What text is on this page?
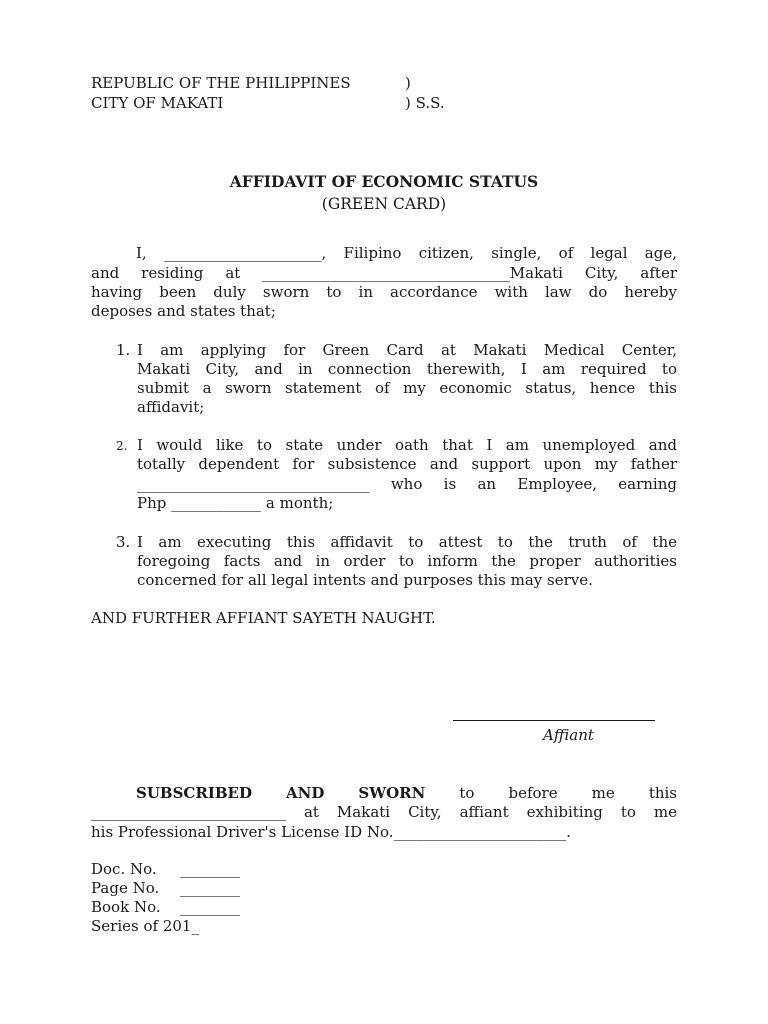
REPUBLIC OF THE PHILIPPINES	)
CITY OF MAKATI	) S.S.
AFFIDAVIT OF ECONOMIC STATUS
(GREEN CARD)
I, _____________________, Filipino citizen, single, of legal age,
and residing at _________________________________Makati City, after
having been duly sworn to in accordance with law do hereby
deposes and states that;
1. I am applying for Green Card at Makati Medical Center,
Makati City, and in connection therewith, I am required to
submit a sworn statement of my economic status, hence this
affidavit;
2. I would like to state under oath that I am unemployed and
totally dependent for subsistence and support upon my father
_______________________________ who is an Employee, earning
Php ____________ a month;
3. I am executing this affidavit to attest to the truth of the
foregoing facts and in order to inform the proper authorities
concerned for all legal intents and purposes this may serve.
AND FURTHER AFFIANT SAYETH NAUGHT.
Affiant
SUBSCRIBED AND SWORN to before me this
__________________________ at Makati City, affiant exhibiting to me
his Professional Driver's License ID No._______________________.
Doc. No. ________
Page No. ________
Book No. ________
Series of 201_
